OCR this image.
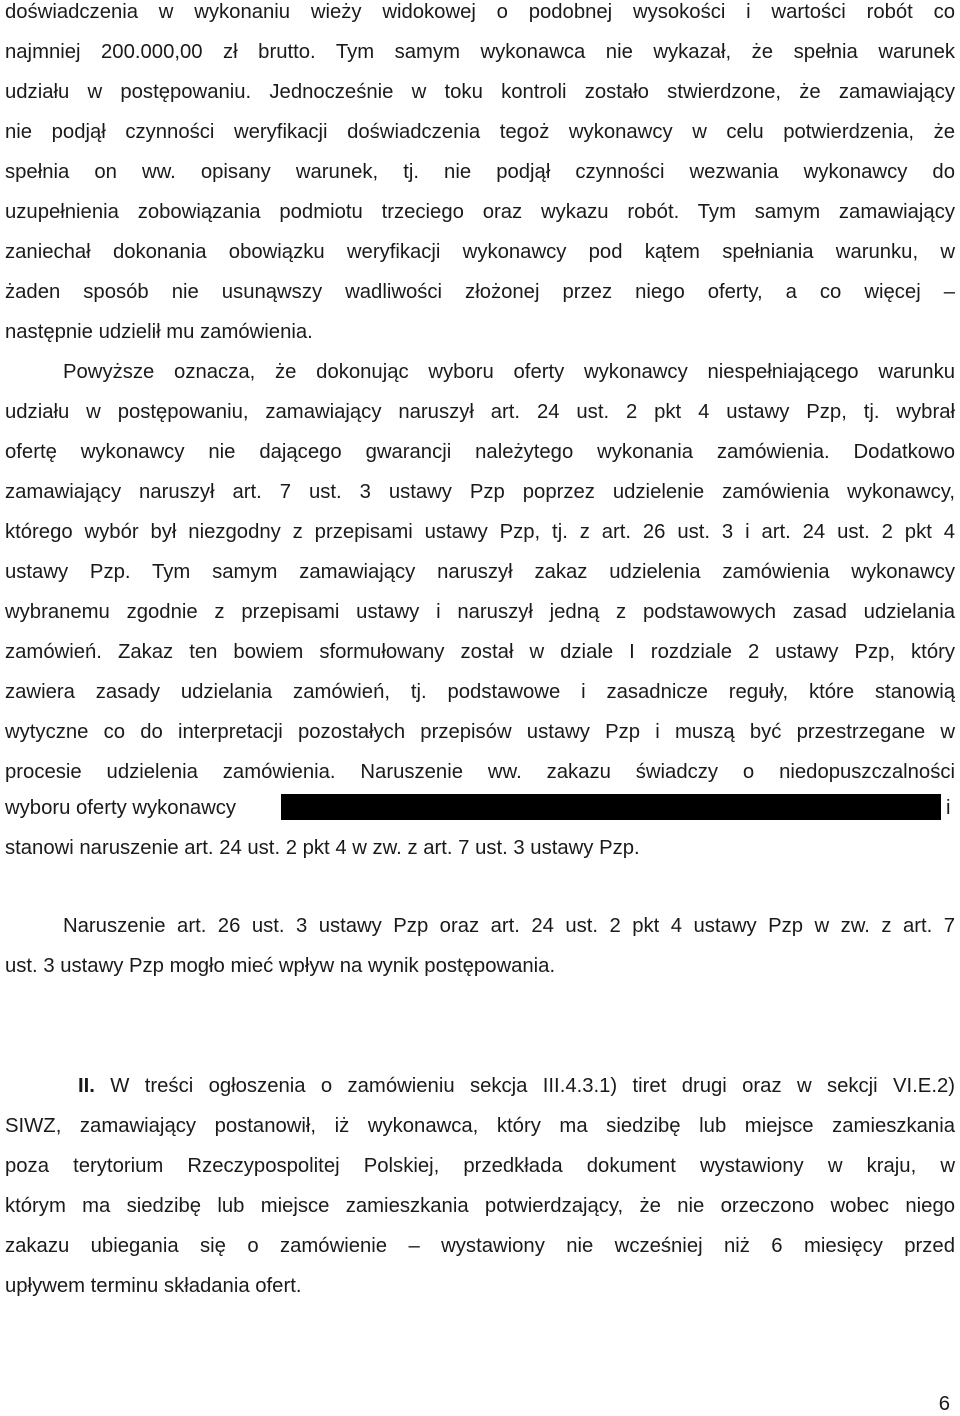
doświadczenia w wykonaniu wieży widokowej o podobnej wysokości i wartości robót co
najmniej 200.000,00 zł brutto. Tym samym wykonawca nie wykazał, że spełnia warunek
udziału w postępowaniu. Jednocześnie w toku kontroli zostało stwierdzone, że zamawiający
nie podjął czynności weryfikacji doświadczenia tegoż wykonawcy w celu potwierdzenia, że
spełnia on ww. opisany warunek, tj. nie podjął czynności wezwania wykonawcy do
uzupełnienia zobowiązania podmiotu trzeciego oraz wykazu robót. Tym samym zamawiający
zaniechał dokonania obowiązku weryfikacji wykonawcy pod kątem spełniania warunku, w
żaden sposób nie usunąwszy wadliwości złożonej przez niego oferty, a co więcej –
następnie udzielił mu zamówienia.
Powyższe oznacza, że dokonując wyboru oferty wykonawcy niespełniającego warunku
udziału w postępowaniu, zamawiający naruszył art. 24 ust. 2 pkt 4 ustawy Pzp, tj. wybrał
ofertę wykonawcy nie dającego gwarancji należytego wykonania zamówienia. Dodatkowo
zamawiający naruszył art. 7 ust. 3 ustawy Pzp poprzez udzielenie zamówienia wykonawcy,
którego wybór był niezgodny z przepisami ustawy Pzp, tj. z art. 26 ust. 3 i art. 24 ust. 2 pkt 4
ustawy Pzp. Tym samym zamawiający naruszył zakaz udzielenia zamówienia wykonawcy
wybranemu zgodnie z przepisami ustawy i naruszył jedną z podstawowych zasad udzielania
zamówień. Zakaz ten bowiem sformułowany został w dziale I rozdziale 2 ustawy Pzp, który
zawiera zasady udzielania zamówień, tj. podstawowe i zasadnicze reguły, które stanowią
wytyczne co do interpretacji pozostałych przepisów ustawy Pzp i muszą być przestrzegane w
procesie udzielenia zamówienia. Naruszenie ww. zakazu świadczy o niedopuszczalności
wyboru oferty wykonawcy	i
stanowi naruszenie art. 24 ust. 2 pkt 4 w zw. z art. 7 ust. 3 ustawy Pzp.
Naruszenie art. 26 ust. 3 ustawy Pzp oraz art. 24 ust. 2 pkt 4 ustawy Pzp w zw. z art. 7
ust. 3 ustawy Pzp mogło mieć wpływ na wynik postępowania.
II. W treści ogłoszenia o zamówieniu sekcja III.4.3.1) tiret drugi oraz w sekcji VI.E.2)
SIWZ, zamawiający postanowił, iż wykonawca, który ma siedzibę lub miejsce zamieszkania
poza terytorium Rzeczypospolitej Polskiej, przedkłada dokument wystawiony w kraju, w
którym ma siedzibę lub miejsce zamieszkania potwierdzający, że nie orzeczono wobec niego
zakazu ubiegania się o zamówienie – wystawiony nie wcześniej niż 6 miesięcy przed
upływem terminu składania ofert.
6
